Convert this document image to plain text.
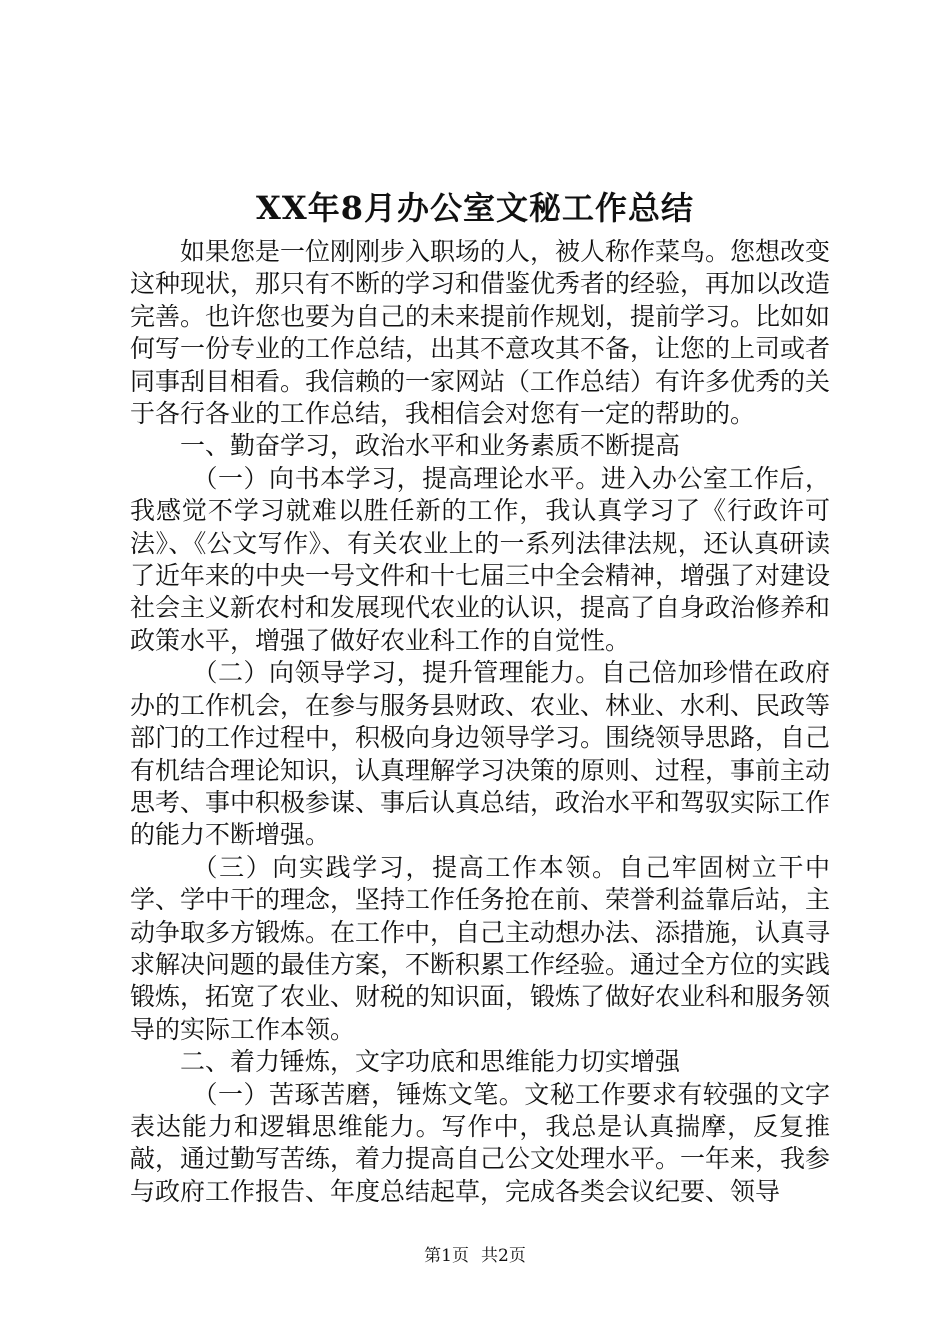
XX年8月办公室文秘工作总结

如果您是一位刚刚步入职场的人，被人称作菜鸟。您想改变这种现状，那只有不断的学习和借鉴优秀者的经验，再加以改造完善。也许您也要为自己的未来提前作规划，提前学习。比如如何写一份专业的工作总结，出其不意攻其不备，让您的上司或者同事刮目相看。我信赖的一家网站（工作总结）有许多优秀的关于各行各业的工作总结，我相信会对您有一定的帮助的。

一、勤奋学习，政治水平和业务素质不断提高

（一）向书本学习，提高理论水平。进入办公室工作后，我感觉不学习就难以胜任新的工作，我认真学习了《行政许可法》、《公文写作》、有关农业上的一系列法律法规，还认真研读了近年来的中央一号文件和十七届三中全会精神，增强了对建设社会主义新农村和发展现代农业的认识，提高了自身政治修养和政策水平，增强了做好农业科工作的自觉性。

（二）向领导学习，提升管理能力。自己倍加珍惜在政府办的工作机会，在参与服务县财政、农业、林业、水利、民政等部门的工作过程中，积极向身边领导学习。围绕领导思路，自己有机结合理论知识，认真理解学习决策的原则、过程，事前主动思考、事中积极参谋、事后认真总结，政治水平和驾驭实际工作的能力不断增强。

（三）向实践学习，提高工作本领。自己牢固树立干中学、学中干的理念，坚持工作任务抢在前、荣誉利益靠后站，主动争取多方锻炼。在工作中，自己主动想办法、添措施，认真寻求解决问题的最佳方案，不断积累工作经验。通过全方位的实践锻炼，拓宽了农业、财税的知识面，锻炼了做好农业科和服务领导的实际工作本领。

二、着力锤炼，文字功底和思维能力切实增强

（一）苦琢苦磨，锤炼文笔。文秘工作要求有较强的文字表达能力和逻辑思维能力。写作中，我总是认真揣摩，反复推敲，通过勤写苦练，着力提高自己公文处理水平。一年来，我参与政府工作报告、年度总结起草，完成各类会议纪要、领导

第1页 共2页
